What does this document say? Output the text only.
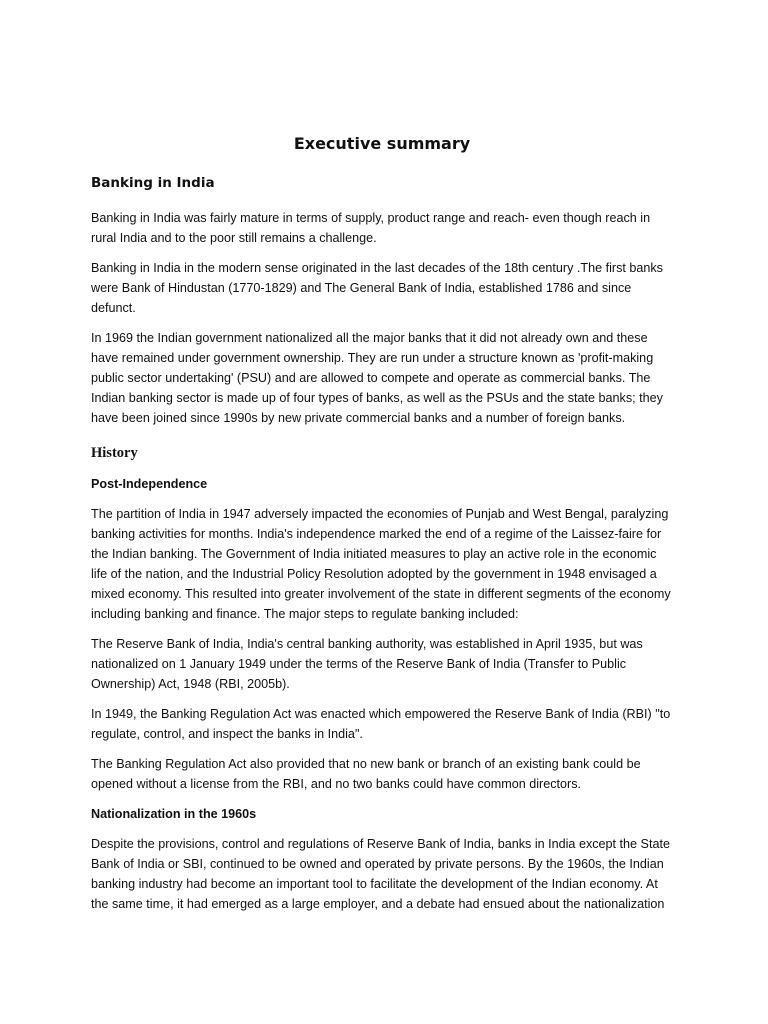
Executive summary
Banking in India

Banking in India was fairly mature in terms of supply, product range and reach- even though reach in rural India and to the poor still remains a challenge.

Banking in India in the modern sense originated in the last decades of the 18th century .The first banks were Bank of Hindustan (1770-1829) and The General Bank of India, established 1786 and since defunct.

In 1969 the Indian government nationalized all the major banks that it did not already own and these have remained under government ownership. They are run under a structure known as 'profit-making public sector undertaking' (PSU) and are allowed to compete and operate as commercial banks. The Indian banking sector is made up of four types of banks, as well as the PSUs and the state banks; they have been joined since 1990s by new private commercial banks and a number of foreign banks.

History
Post-Independence

The partition of India in 1947 adversely impacted the economies of Punjab and West Bengal, paralyzing banking activities for months. India's independence marked the end of a regime of the Laissez-faire for the Indian banking. The Government of India initiated measures to play an active role in the economic life of the nation, and the Industrial Policy Resolution adopted by the government in 1948 envisaged a mixed economy. This resulted into greater involvement of the state in different segments of the economy including banking and finance. The major steps to regulate banking included:

The Reserve Bank of India, India's central banking authority, was established in April 1935, but was nationalized on 1 January 1949 under the terms of the Reserve Bank of India (Transfer to Public Ownership) Act, 1948 (RBI, 2005b).

In 1949, the Banking Regulation Act was enacted which empowered the Reserve Bank of India (RBI) "to regulate, control, and inspect the banks in India".

The Banking Regulation Act also provided that no new bank or branch of an existing bank could be opened without a license from the RBI, and no two banks could have common directors.

Nationalization in the 1960s

Despite the provisions, control and regulations of Reserve Bank of India, banks in India except the State Bank of India or SBI, continued to be owned and operated by private persons. By the 1960s, the Indian banking industry had become an important tool to facilitate the development of the Indian economy. At the same time, it had emerged as a large employer, and a debate had ensued about the nationalization
